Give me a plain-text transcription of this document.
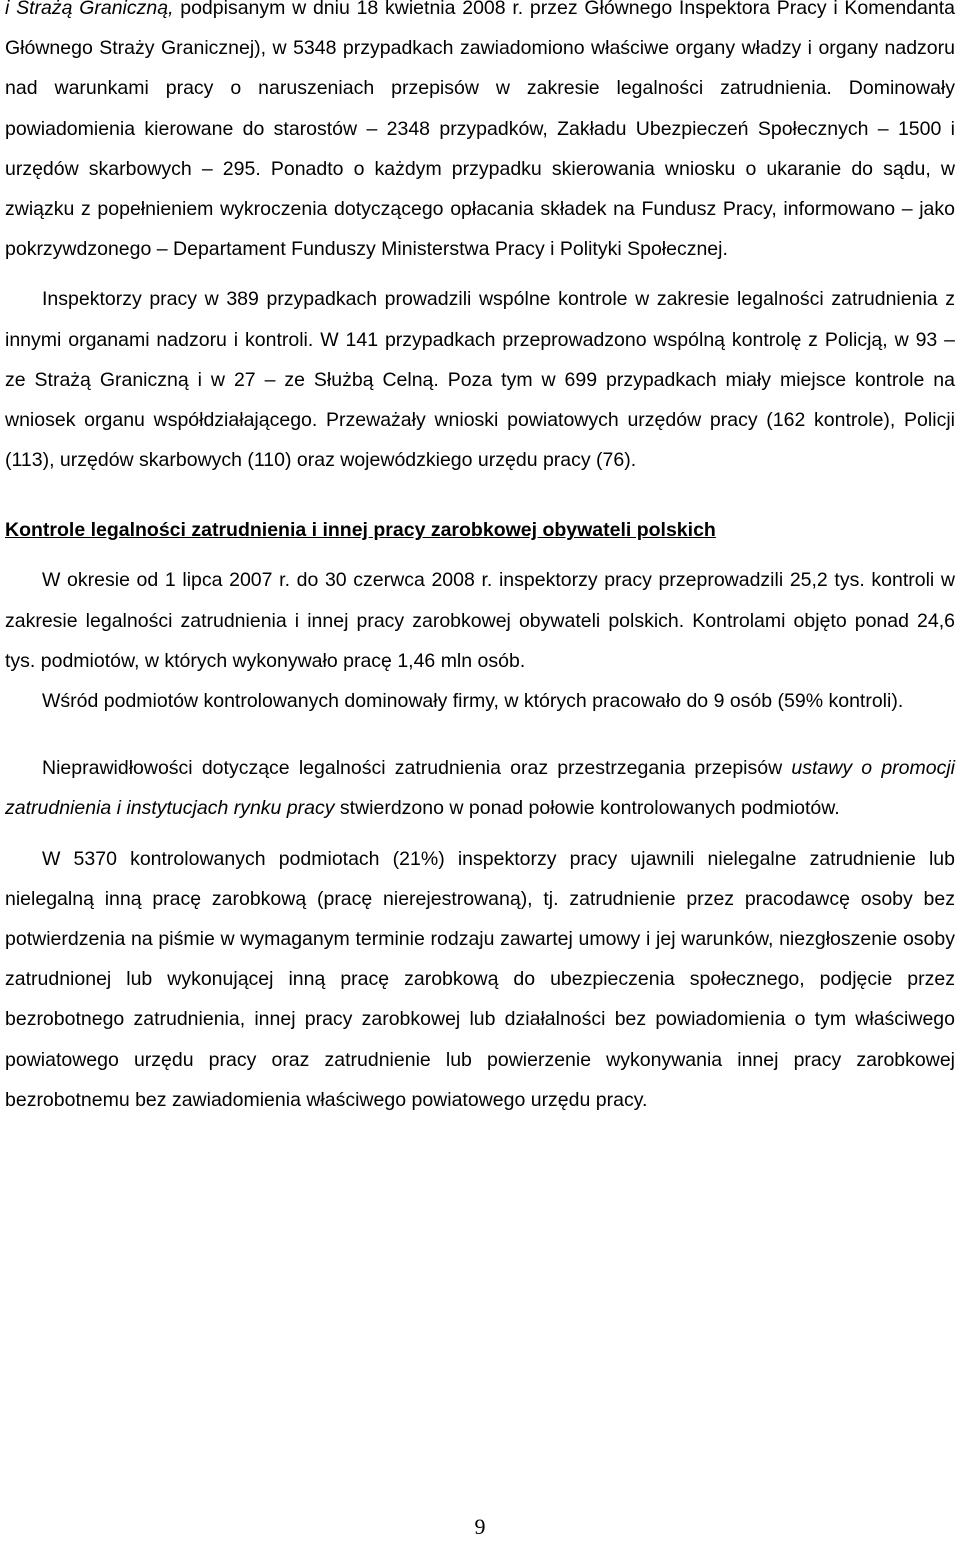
i Strażą Graniczną, podpisanym w dniu 18 kwietnia 2008 r. przez Głównego Inspektora Pracy i Komendanta Głównego Straży Granicznej), w 5348 przypadkach zawiadomiono właściwe organy władzy i organy nadzoru nad warunkami pracy o naruszeniach przepisów w zakresie legalności zatrudnienia. Dominowały powiadomienia kierowane do starostów – 2348 przypadków, Zakładu Ubezpieczeń Społecznych – 1500 i urzędów skarbowych – 295. Ponadto o każdym przypadku skierowania wniosku o ukaranie do sądu, w związku z popełnieniem wykroczenia dotyczącego opłacania składek na Fundusz Pracy, informowano – jako pokrzywdzonego – Departament Funduszy Ministerstwa Pracy i Polityki Społecznej.

Inspektorzy pracy w 389 przypadkach prowadzili wspólne kontrole w zakresie legalności zatrudnienia z innymi organami nadzoru i kontroli. W 141 przypadkach przeprowadzono wspólną kontrolę z Policją, w 93 – ze Strażą Graniczną i w 27 – ze Służbą Celną. Poza tym w 699 przypadkach miały miejsce kontrole na wniosek organu współdziałającego. Przeważały wnioski powiatowych urzędów pracy (162 kontrole), Policji (113), urzędów skarbowych (110) oraz wojewódzkiego urzędu pracy (76).

Kontrole legalności zatrudnienia i innej pracy zarobkowej obywateli polskich

W okresie od 1 lipca 2007 r. do 30 czerwca 2008 r. inspektorzy pracy przeprowadzili 25,2 tys. kontroli w zakresie legalności zatrudnienia i innej pracy zarobkowej obywateli polskich. Kontrolami objęto ponad 24,6 tys. podmiotów, w których wykonywało pracę 1,46 mln osób.

Wśród podmiotów kontrolowanych dominowały firmy, w których pracowało do 9 osób (59% kontroli).

Nieprawidłowości dotyczące legalności zatrudnienia oraz przestrzegania przepisów ustawy o promocji zatrudnienia i instytucjach rynku pracy stwierdzono w ponad połowie kontrolowanych podmiotów.

W 5370 kontrolowanych podmiotach (21%) inspektorzy pracy ujawnili nielegalne zatrudnienie lub nielegalną inną pracę zarobkową (pracę nierejestrowaną), tj. zatrudnienie przez pracodawcę osoby bez potwierdzenia na piśmie w wymaganym terminie rodzaju zawartej umowy i jej warunków, niezgłoszenie osoby zatrudnionej lub wykonującej inną pracę zarobkową do ubezpieczenia społecznego, podjęcie przez bezrobotnego zatrudnienia, innej pracy zarobkowej lub działalności bez powiadomienia o tym właściwego powiatowego urzędu pracy oraz zatrudnienie lub powierzenie wykonywania innej pracy zarobkowej bezrobotnemu bez zawiadomienia właściwego powiatowego urzędu pracy.

9
